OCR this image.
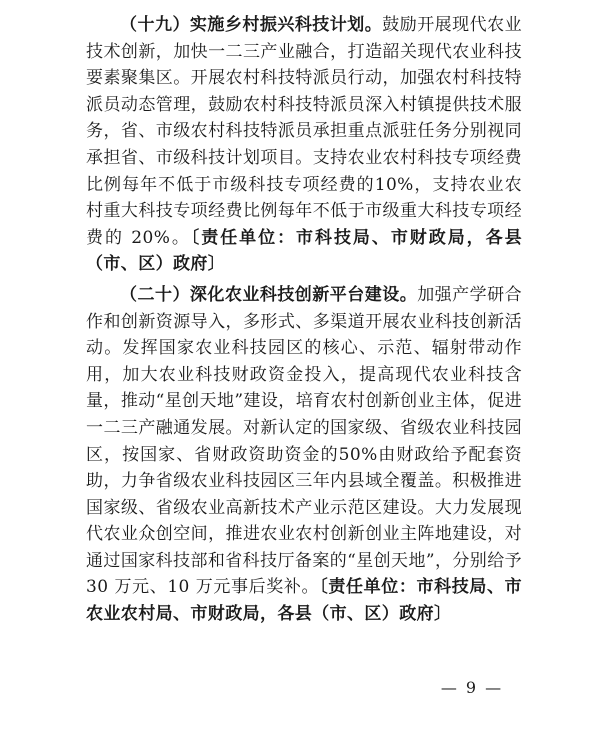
（十九）实施乡村振兴科技计划。鼓励开展现代农业技术创新，加快一二三产业融合，打造韶关现代农业科技要素聚集区。开展农村科技特派员行动，加强农村科技特派员动态管理，鼓励农村科技特派员深入村镇提供技术服务，省、市级农村科技特派员承担重点派驻任务分别视同承担省、市级科技计划项目。支持农业农村科技专项经费比例每年不低于市级科技专项经费的10%，支持农业农村重大科技专项经费比例每年不低于市级重大科技专项经费的 20%。〔责任单位：市科技局、市财政局，各县（市、区）政府〕

（二十）深化农业科技创新平台建设。加强产学研合作和创新资源导入，多形式、多渠道开展农业科技创新活动。发挥国家农业科技园区的核心、示范、辐射带动作用，加大农业科技财政资金投入，提高现代农业科技含量，推动“星创天地”建设，培育农村创新创业主体，促进一二三产融通发展。对新认定的国家级、省级农业科技园区，按国家、省财政资助资金的50%由财政给予配套资助，力争省级农业科技园区三年内县域全覆盖。积极推进国家级、省级农业高新技术产业示范区建设。大力发展现代农业众创空间，推进农业农村创新创业主阵地建设，对通过国家科技部和省科技厅备案的“星创天地”，分别给予 30 万元、10 万元事后奖补。〔责任单位：市科技局、市农业农村局、市财政局，各县（市、区）政府〕

— 9 —
